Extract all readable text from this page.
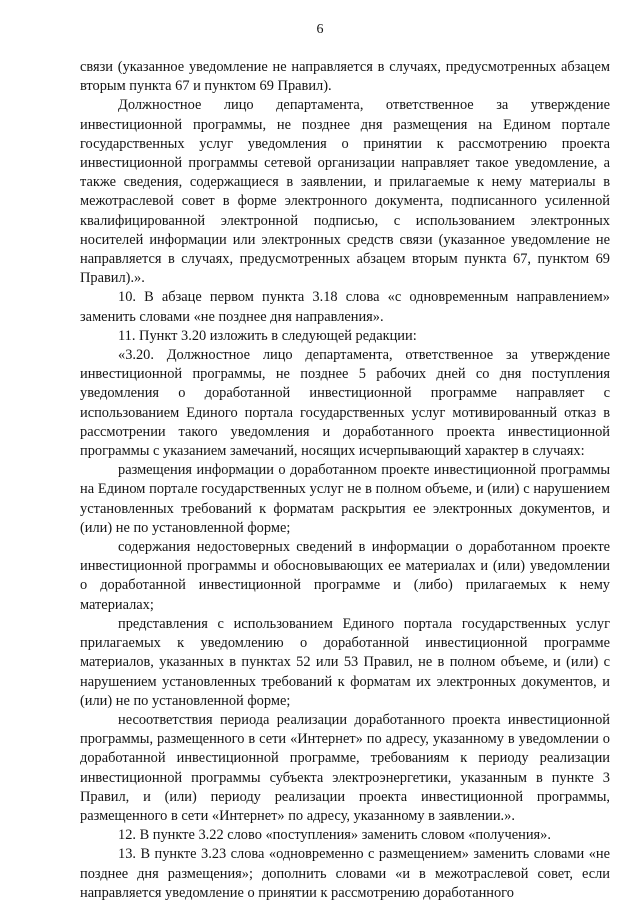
6

связи (указанное уведомление не направляется в случаях, предусмотренных абзацем вторым пункта 67 и пунктом 69 Правил).

Должностное лицо департамента, ответственное за утверждение инвестиционной программы, не позднее дня размещения на Едином портале государственных услуг уведомления о принятии к рассмотрению проекта инвестиционной программы сетевой организации направляет такое уведомление, а также сведения, содержащиеся в заявлении, и прилагаемые к нему материалы в межотраслевой совет в форме электронного документа, подписанного усиленной квалифицированной электронной подписью, с использованием электронных носителей информации или электронных средств связи (указанное уведомление не направляется в случаях, предусмотренных абзацем вторым пункта 67, пунктом 69 Правил).».

10. В абзаце первом пункта 3.18 слова «с одновременным направлением» заменить словами «не позднее дня направления».

11. Пункт 3.20 изложить в следующей редакции:

«3.20. Должностное лицо департамента, ответственное за утверждение инвестиционной программы, не позднее 5 рабочих дней со дня поступления уведомления о доработанной инвестиционной программе направляет с использованием Единого портала государственных услуг мотивированный отказ в рассмотрении такого уведомления и доработанного проекта инвестиционной программы с указанием замечаний, носящих исчерпывающий характер в случаях:

размещения информации о доработанном проекте инвестиционной программы на Едином портале государственных услуг не в полном объеме, и (или) с нарушением установленных требований к форматам раскрытия ее электронных документов, и (или) не по установленной форме;

содержания недостоверных сведений в информации о доработанном проекте инвестиционной программы и обосновывающих ее материалах и (или) уведомлении о доработанной инвестиционной программе и (либо) прилагаемых к нему материалах;

представления с использованием Единого портала государственных услуг прилагаемых к уведомлению о доработанной инвестиционной программе материалов, указанных в пунктах 52 или 53 Правил, не в полном объеме, и (или) с нарушением установленных требований к форматам их электронных документов, и (или) не по установленной форме;

несоответствия периода реализации доработанного проекта инвестиционной программы, размещенного в сети «Интернет» по адресу, указанному в уведомлении о доработанной инвестиционной программе, требованиям к периоду реализации инвестиционной программы субъекта электроэнергетики, указанным в пункте 3 Правил, и (или) периоду реализации проекта инвестиционной программы, размещенного в сети «Интернет» по адресу, указанному в заявлении.».

12. В пункте 3.22 слово «поступления» заменить словом «получения».

13. В пункте 3.23 слова «одновременно с размещением» заменить словами «не позднее дня размещения»; дополнить словами «и в межотраслевой совет, если направляется уведомление о принятии к рассмотрению доработанного
